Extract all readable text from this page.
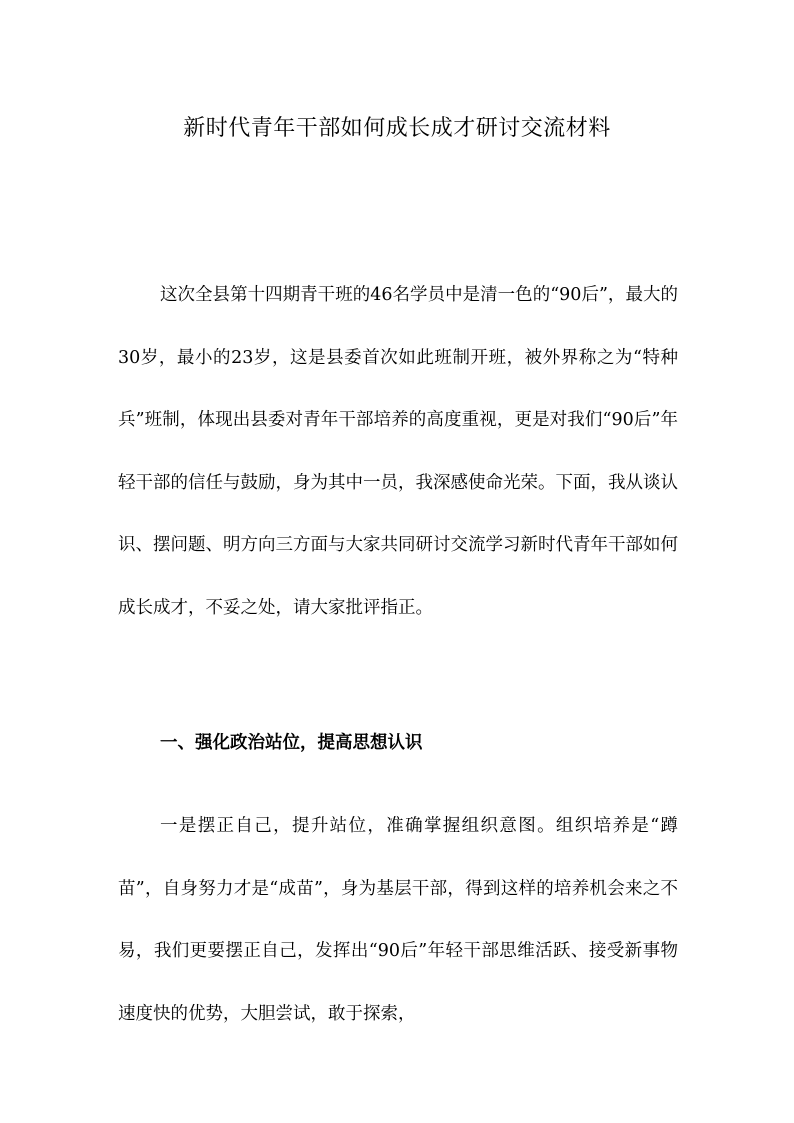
新时代青年干部如何成长成才研讨交流材料

这次全县第十四期青干班的46名学员中是清一色的“90后”，最大的30岁，最小的23岁，这是县委首次如此班制开班，被外界称之为“特种兵”班制，体现出县委对青年干部培养的高度重视，更是对我们“90后”年轻干部的信任与鼓励，身为其中一员，我深感使命光荣。下面，我从谈认识、摆问题、明方向三方面与大家共同研讨交流学习新时代青年干部如何成长成才，不妥之处，请大家批评指正。

一、强化政治站位，提高思想认识

一是摆正自己，提升站位，准确掌握组织意图。组织培养是“蹲苗”，自身努力才是“成苗”，身为基层干部，得到这样的培养机会来之不易，我们更要摆正自己，发挥出“90后”年轻干部思维活跃、接受新事物速度快的优势，大胆尝试，敢于探索，
